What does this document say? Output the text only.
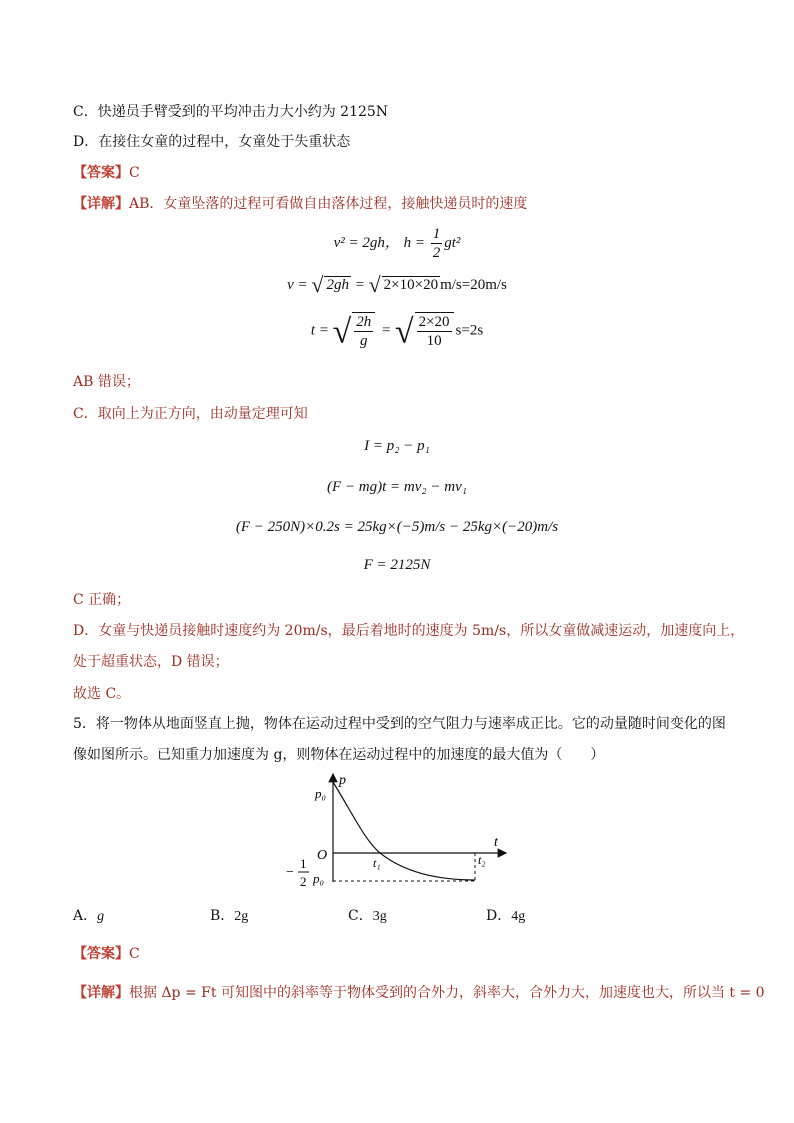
C．快递员手臂受到的平均冲击力大小约为 2125N
D．在接住女童的过程中，女童处于失重状态
【答案】C
【详解】AB．女童坠落的过程可看做自由落体过程，接触快递员时的速度
v² = 2gh， $h = \frac{1}{2} gt^2$
v = √ 2gh = √ 2×10×20 m/s=20m/s
t = √ $\frac{2h}{g}$ = √ $\frac{2\times 20}{10} s=2s$
AB 错误；
C．取向上为正方向，由动量定理可知
I = p₂ − p₁
(F − mg)t = mv₂ − mv₁
(F − 250N)×0.2s = 25kg×(−5)m/s − 25kg×(−20)m/s
F = 2125N
C 正确；
D．女童与快递员接触时速度约为 20m/s，最后着地时的速度为 5m/s，所以女童做减速运动，加速度向上，
处于超重状态，D 错误；
故选 C。
5．将一物体从地面竖直上抛，物体在运动过程中受到的空气阻力与速率成正比。它的动量随时间变化的图
像如图所示。已知重力加速度为 g，则物体在运动过程中的加速度的最大值为（　　）
p
t
O
p₀
t₁	t₂
−
1
2 p₀
A．g	B．2g	C．3g	D．4g
【答案】C
【详解】根据 Δp = Ft 可知图中的斜率等于物体受到的合外力，斜率大，合外力大，加速度也大，所以当 t = 0
